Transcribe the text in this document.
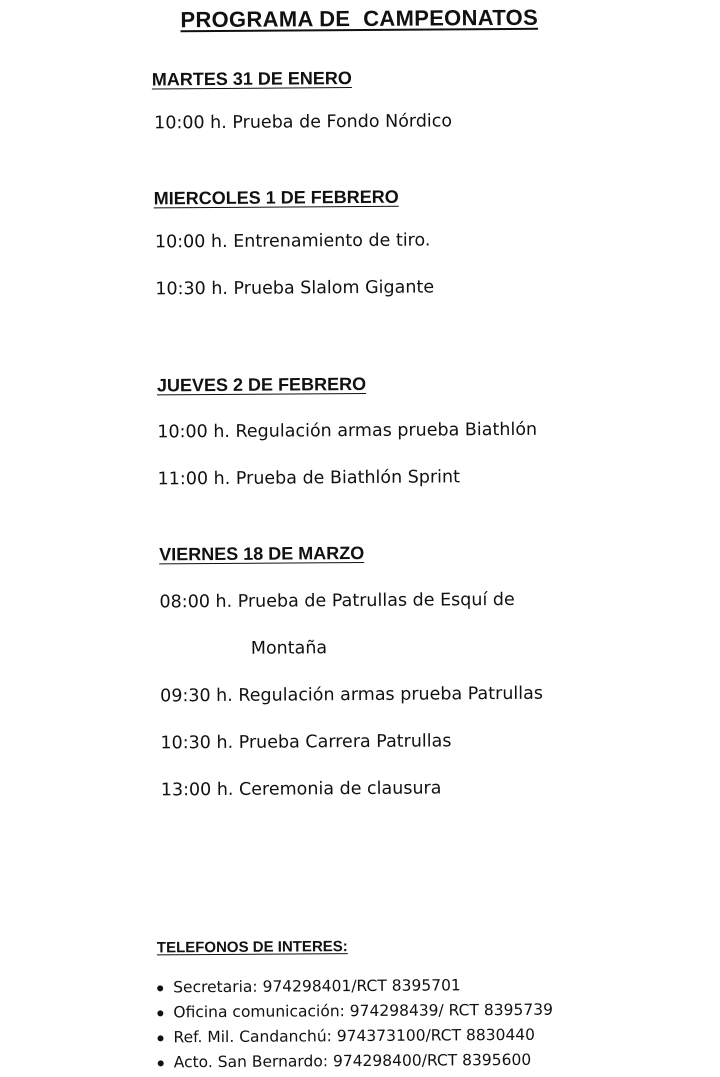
PROGRAMA DE  CAMPEONATOS
MARTES 31 DE ENERO
10:00 h. Prueba de Fondo Nórdico
MIERCOLES 1 DE FEBRERO
10:00 h. Entrenamiento de tiro.
10:30 h. Prueba Slalom Gigante
JUEVES 2 DE FEBRERO
10:00 h. Regulación armas prueba Biathlón
11:00 h. Prueba de Biathlón Sprint
VIERNES 18 DE MARZO
08:00 h. Prueba de Patrullas de Esquí de
Montaña
09:30 h. Regulación armas prueba Patrullas
10:30 h. Prueba Carrera Patrullas
13:00 h. Ceremonia de clausura
TELEFONOS DE INTERES:
Secretaria: 974298401/RCT 8395701
Oficina comunicación: 974298439/ RCT 8395739
Ref. Mil. Candanchú: 974373100/RCT 8830440
Acto. San Bernardo: 974298400/RCT 8395600
